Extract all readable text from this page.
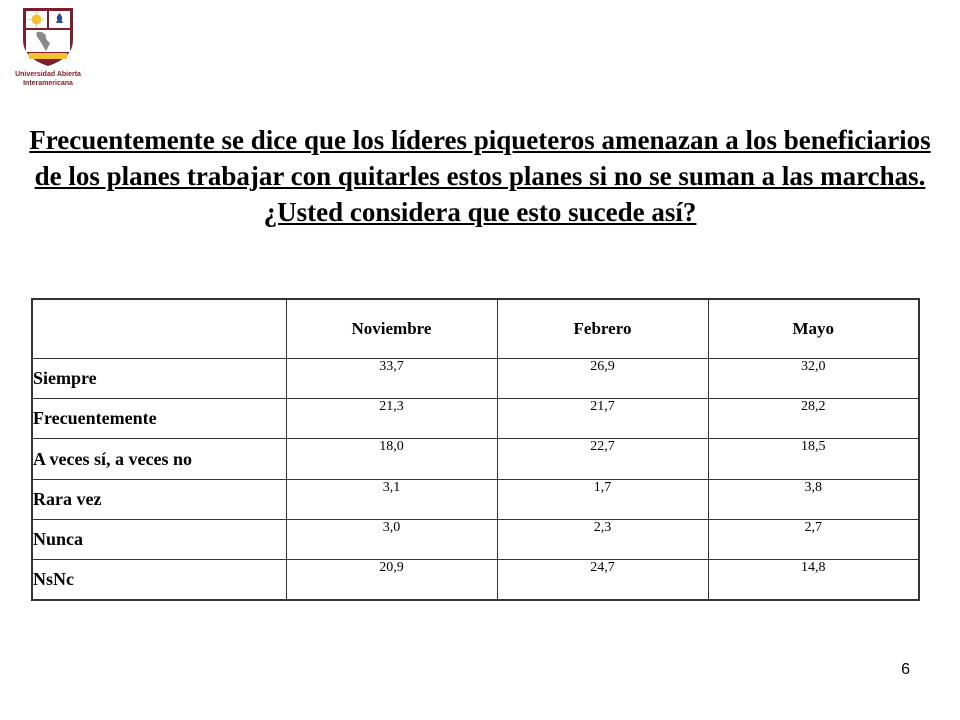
Universidad Abierta
Interamericana
Frecuentemente se dice que los líderes piqueteros amenazan a los beneficiarios de los planes trabajar con quitarles estos planes si no se suman a las marchas. ¿Usted considera que esto sucede así?
	Noviembre	Febrero	Mayo
Siempre	33,7	26,9	32,0
Frecuentemente	21,3	21,7	28,2
A veces sí, a veces no	18,0	22,7	18,5
Rara vez	3,1	1,7	3,8
Nunca	3,0	2,3	2,7
NsNc	20,9	24,7	14,8
6
